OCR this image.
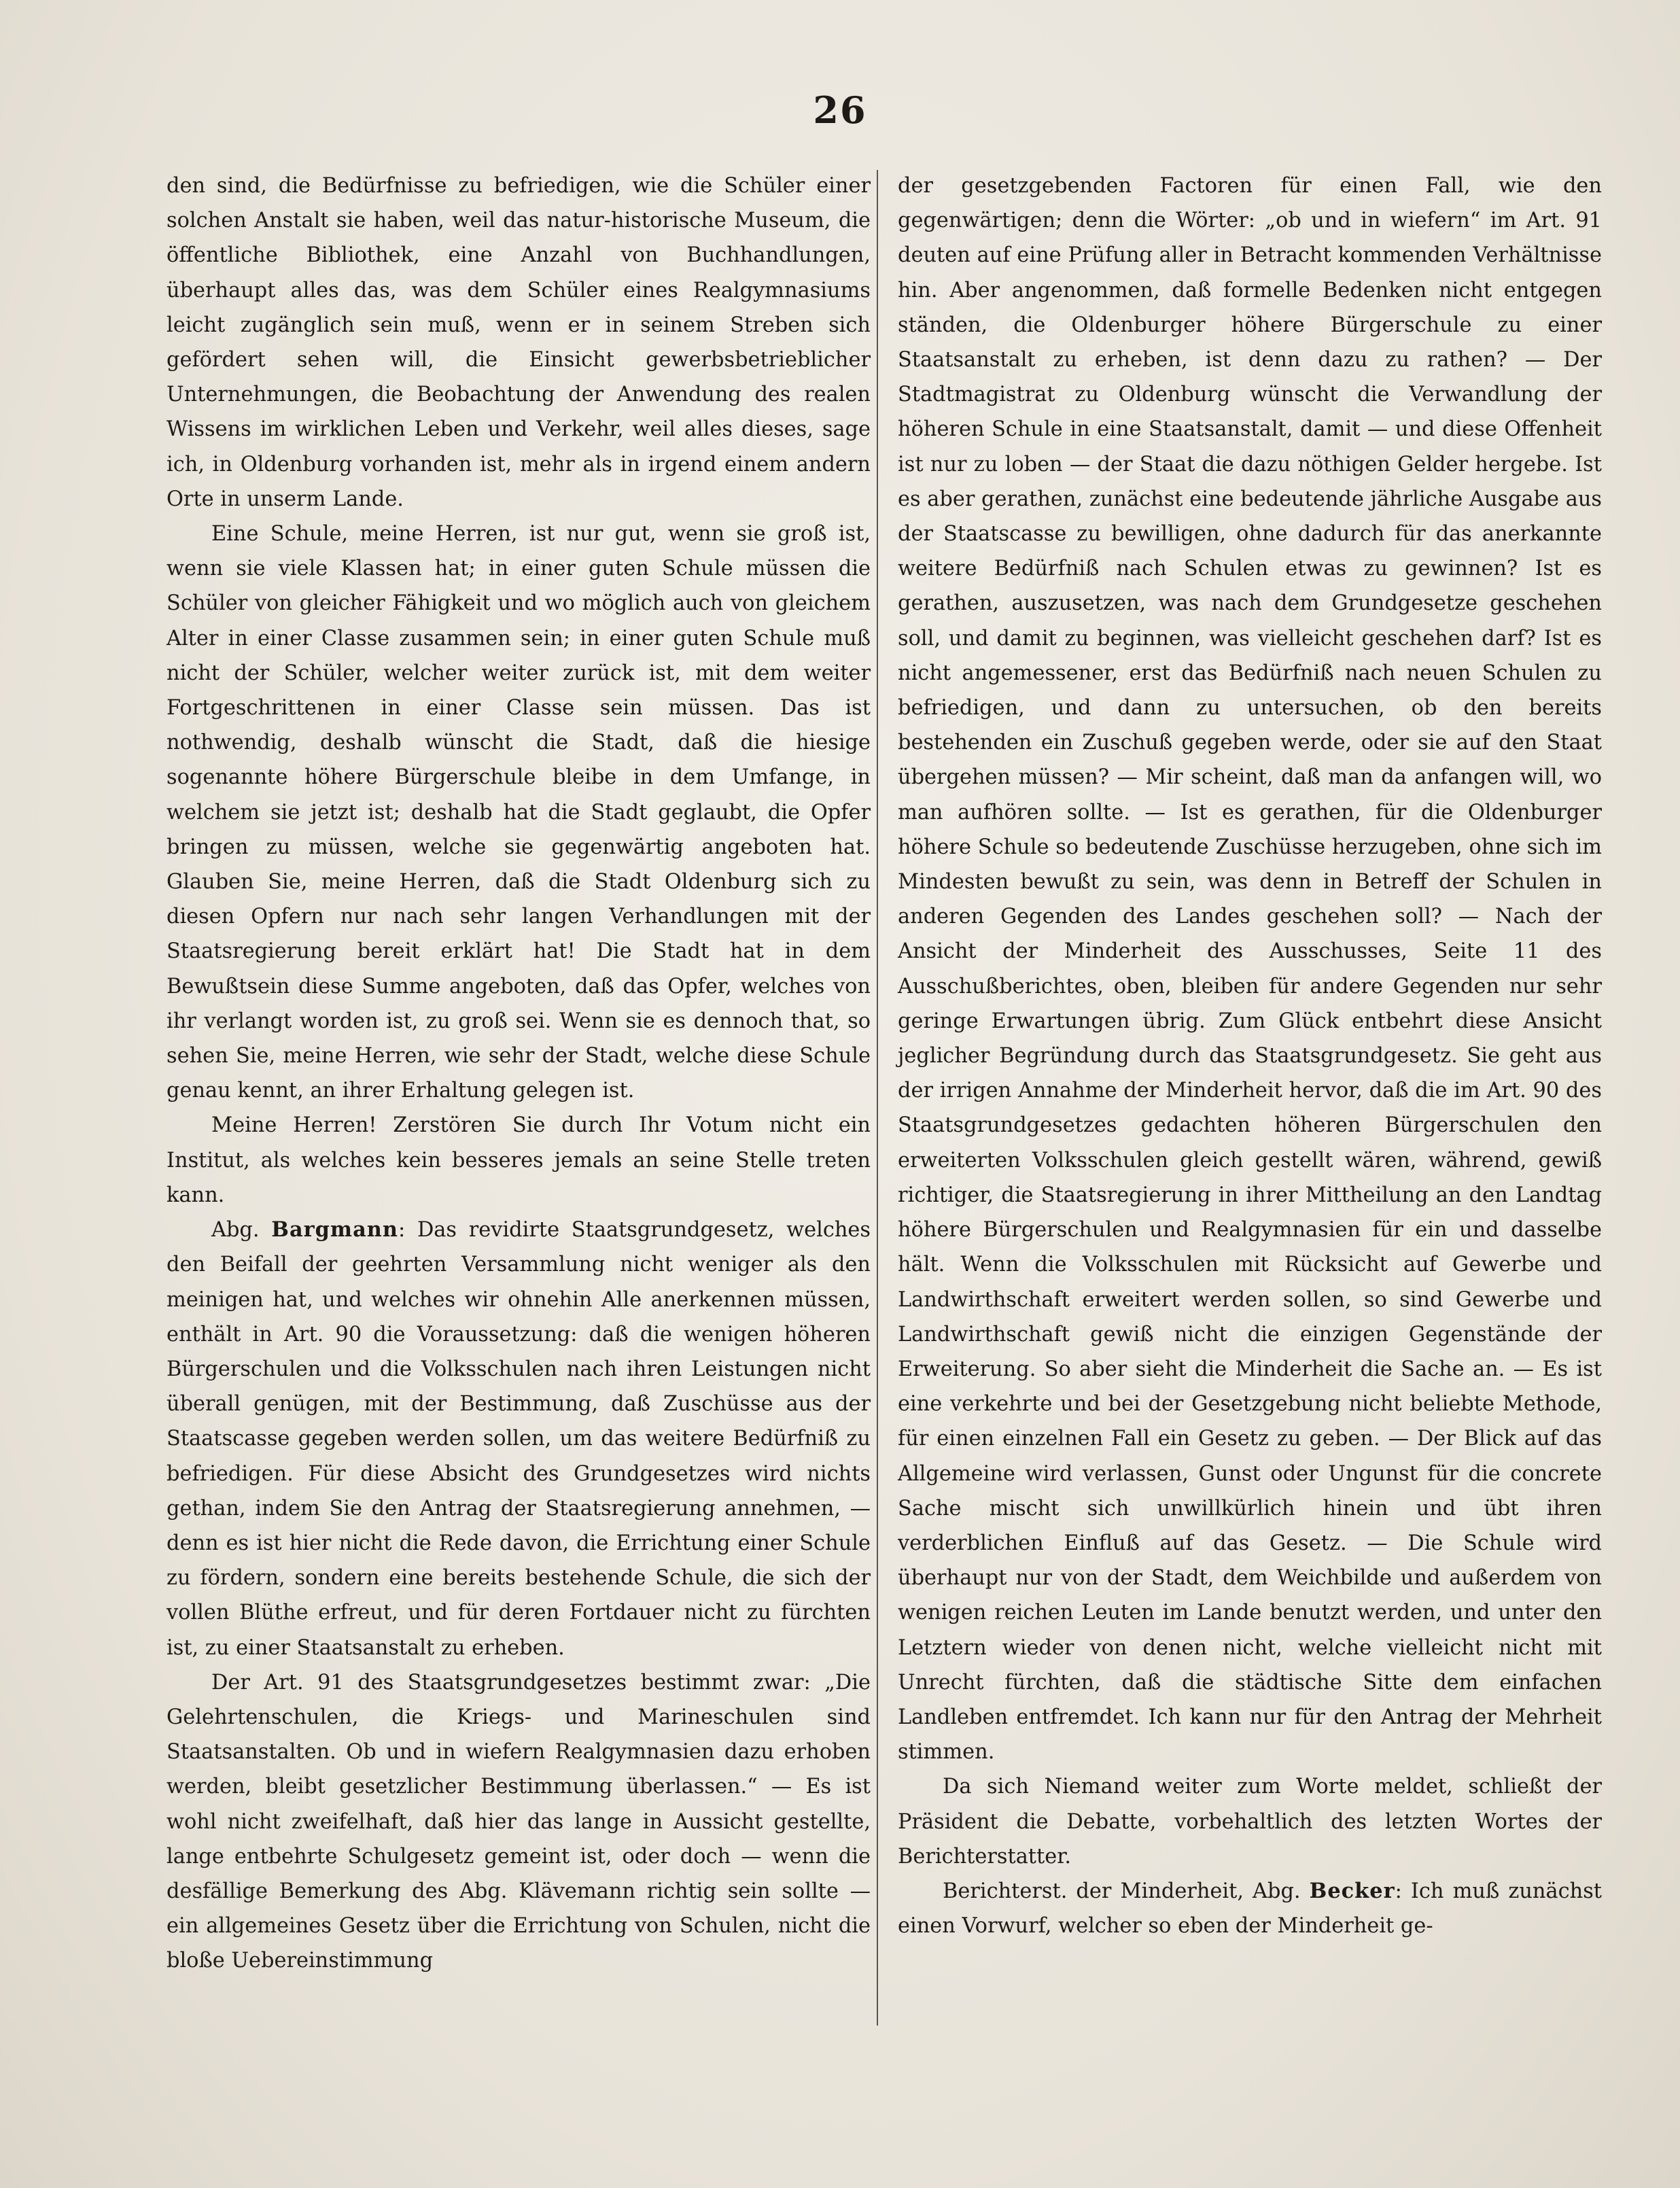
26

den sind, die Bedürfnisse zu befriedigen, wie die Schüler einer solchen Anstalt sie haben, weil das natur-historische Museum, die öffentliche Bibliothek, eine Anzahl von Buchhandlungen, überhaupt alles das, was dem Schüler eines Realgymnasiums leicht zugänglich sein muß, wenn er in seinem Streben sich gefördert sehen will, die Einsicht gewerbsbetrieblicher Unternehmungen, die Beobachtung der Anwendung des realen Wissens im wirklichen Leben und Verkehr, weil alles dieses, sage ich, in Oldenburg vorhanden ist, mehr als in irgend einem andern Orte in unserm Lande.

Eine Schule, meine Herren, ist nur gut, wenn sie groß ist, wenn sie viele Klassen hat; in einer guten Schule müssen die Schüler von gleicher Fähigkeit und wo möglich auch von gleichem Alter in einer Classe zusammen sein; in einer guten Schule muß nicht der Schüler, welcher weiter zurück ist, mit dem weiter Fortgeschrittenen in einer Classe sein müssen. Das ist nothwendig, deshalb wünscht die Stadt, daß die hiesige sogenannte höhere Bürgerschule bleibe in dem Umfange, in welchem sie jetzt ist; deshalb hat die Stadt geglaubt, die Opfer bringen zu müssen, welche sie gegenwärtig angeboten hat. Glauben Sie, meine Herren, daß die Stadt Oldenburg sich zu diesen Opfern nur nach sehr langen Verhandlungen mit der Staatsregierung bereit erklärt hat! Die Stadt hat in dem Bewußtsein diese Summe angeboten, daß das Opfer, welches von ihr verlangt worden ist, zu groß sei. Wenn sie es dennoch that, so sehen Sie, meine Herren, wie sehr der Stadt, welche diese Schule genau kennt, an ihrer Erhaltung gelegen ist.

Meine Herren! Zerstören Sie durch Ihr Votum nicht ein Institut, als welches kein besseres jemals an seine Stelle treten kann.

Abg. Bargmann: Das revidirte Staatsgrundgesetz, welches den Beifall der geehrten Versammlung nicht weniger als den meinigen hat, und welches wir ohnehin Alle anerkennen müssen, enthält in Art. 90 die Voraussetzung: daß die wenigen höheren Bürgerschulen und die Volksschulen nach ihren Leistungen nicht überall genügen, mit der Bestimmung, daß Zuschüsse aus der Staatscasse gegeben werden sollen, um das weitere Bedürfniß zu befriedigen. Für diese Absicht des Grundgesetzes wird nichts gethan, indem Sie den Antrag der Staatsregierung annehmen, — denn es ist hier nicht die Rede davon, die Errichtung einer Schule zu fördern, sondern eine bereits bestehende Schule, die sich der vollen Blüthe erfreut, und für deren Fortdauer nicht zu fürchten ist, zu einer Staatsanstalt zu erheben.

Der Art. 91 des Staatsgrundgesetzes bestimmt zwar: „Die Gelehrtenschulen, die Kriegs- und Marineschulen sind Staatsanstalten. Ob und in wiefern Realgymnasien dazu erhoben werden, bleibt gesetzlicher Bestimmung überlassen.“ — Es ist wohl nicht zweifelhaft, daß hier das lange in Aussicht gestellte, lange entbehrte Schulgesetz gemeint ist, oder doch — wenn die desfällige Bemerkung des Abg. Klävemann richtig sein sollte — ein allgemeines Gesetz über die Errichtung von Schulen, nicht die bloße Uebereinstimmung

der gesetzgebenden Factoren für einen Fall, wie den gegenwärtigen; denn die Wörter: „ob und in wiefern“ im Art. 91 deuten auf eine Prüfung aller in Betracht kommenden Verhältnisse hin. Aber angenommen, daß formelle Bedenken nicht entgegen ständen, die Oldenburger höhere Bürgerschule zu einer Staatsanstalt zu erheben, ist denn dazu zu rathen? — Der Stadtmagistrat zu Oldenburg wünscht die Verwandlung der höheren Schule in eine Staatsanstalt, damit — und diese Offenheit ist nur zu loben — der Staat die dazu nöthigen Gelder hergebe. Ist es aber gerathen, zunächst eine bedeutende jährliche Ausgabe aus der Staatscasse zu bewilligen, ohne dadurch für das anerkannte weitere Bedürfniß nach Schulen etwas zu gewinnen? Ist es gerathen, auszusetzen, was nach dem Grundgesetze geschehen soll, und damit zu beginnen, was vielleicht geschehen darf? Ist es nicht angemessener, erst das Bedürfniß nach neuen Schulen zu befriedigen, und dann zu untersuchen, ob den bereits bestehenden ein Zuschuß gegeben werde, oder sie auf den Staat übergehen müssen? — Mir scheint, daß man da anfangen will, wo man aufhören sollte. — Ist es gerathen, für die Oldenburger höhere Schule so bedeutende Zuschüsse herzugeben, ohne sich im Mindesten bewußt zu sein, was denn in Betreff der Schulen in anderen Gegenden des Landes geschehen soll? — Nach der Ansicht der Minderheit des Ausschusses, Seite 11 des Ausschußberichtes, oben, bleiben für andere Gegenden nur sehr geringe Erwartungen übrig. Zum Glück entbehrt diese Ansicht jeglicher Begründung durch das Staatsgrundgesetz. Sie geht aus der irrigen Annahme der Minderheit hervor, daß die im Art. 90 des Staatsgrundgesetzes gedachten höheren Bürgerschulen den erweiterten Volksschulen gleich gestellt wären, während, gewiß richtiger, die Staatsregierung in ihrer Mittheilung an den Landtag höhere Bürgerschulen und Realgymnasien für ein und dasselbe hält. Wenn die Volksschulen mit Rücksicht auf Gewerbe und Landwirthschaft erweitert werden sollen, so sind Gewerbe und Landwirthschaft gewiß nicht die einzigen Gegenstände der Erweiterung. So aber sieht die Minderheit die Sache an. — Es ist eine verkehrte und bei der Gesetzgebung nicht beliebte Methode, für einen einzelnen Fall ein Gesetz zu geben. — Der Blick auf das Allgemeine wird verlassen, Gunst oder Ungunst für die concrete Sache mischt sich unwillkürlich hinein und übt ihren verderblichen Einfluß auf das Gesetz. — Die Schule wird überhaupt nur von der Stadt, dem Weichbilde und außerdem von wenigen reichen Leuten im Lande benutzt werden, und unter den Letztern wieder von denen nicht, welche vielleicht nicht mit Unrecht fürchten, daß die städtische Sitte dem einfachen Landleben entfremdet. Ich kann nur für den Antrag der Mehrheit stimmen.

Da sich Niemand weiter zum Worte meldet, schließt der Präsident die Debatte, vorbehaltlich des letzten Wortes der Berichterstatter.

Berichterst. der Minderheit, Abg. Becker: Ich muß zunächst einen Vorwurf, welcher so eben der Minderheit ge-
